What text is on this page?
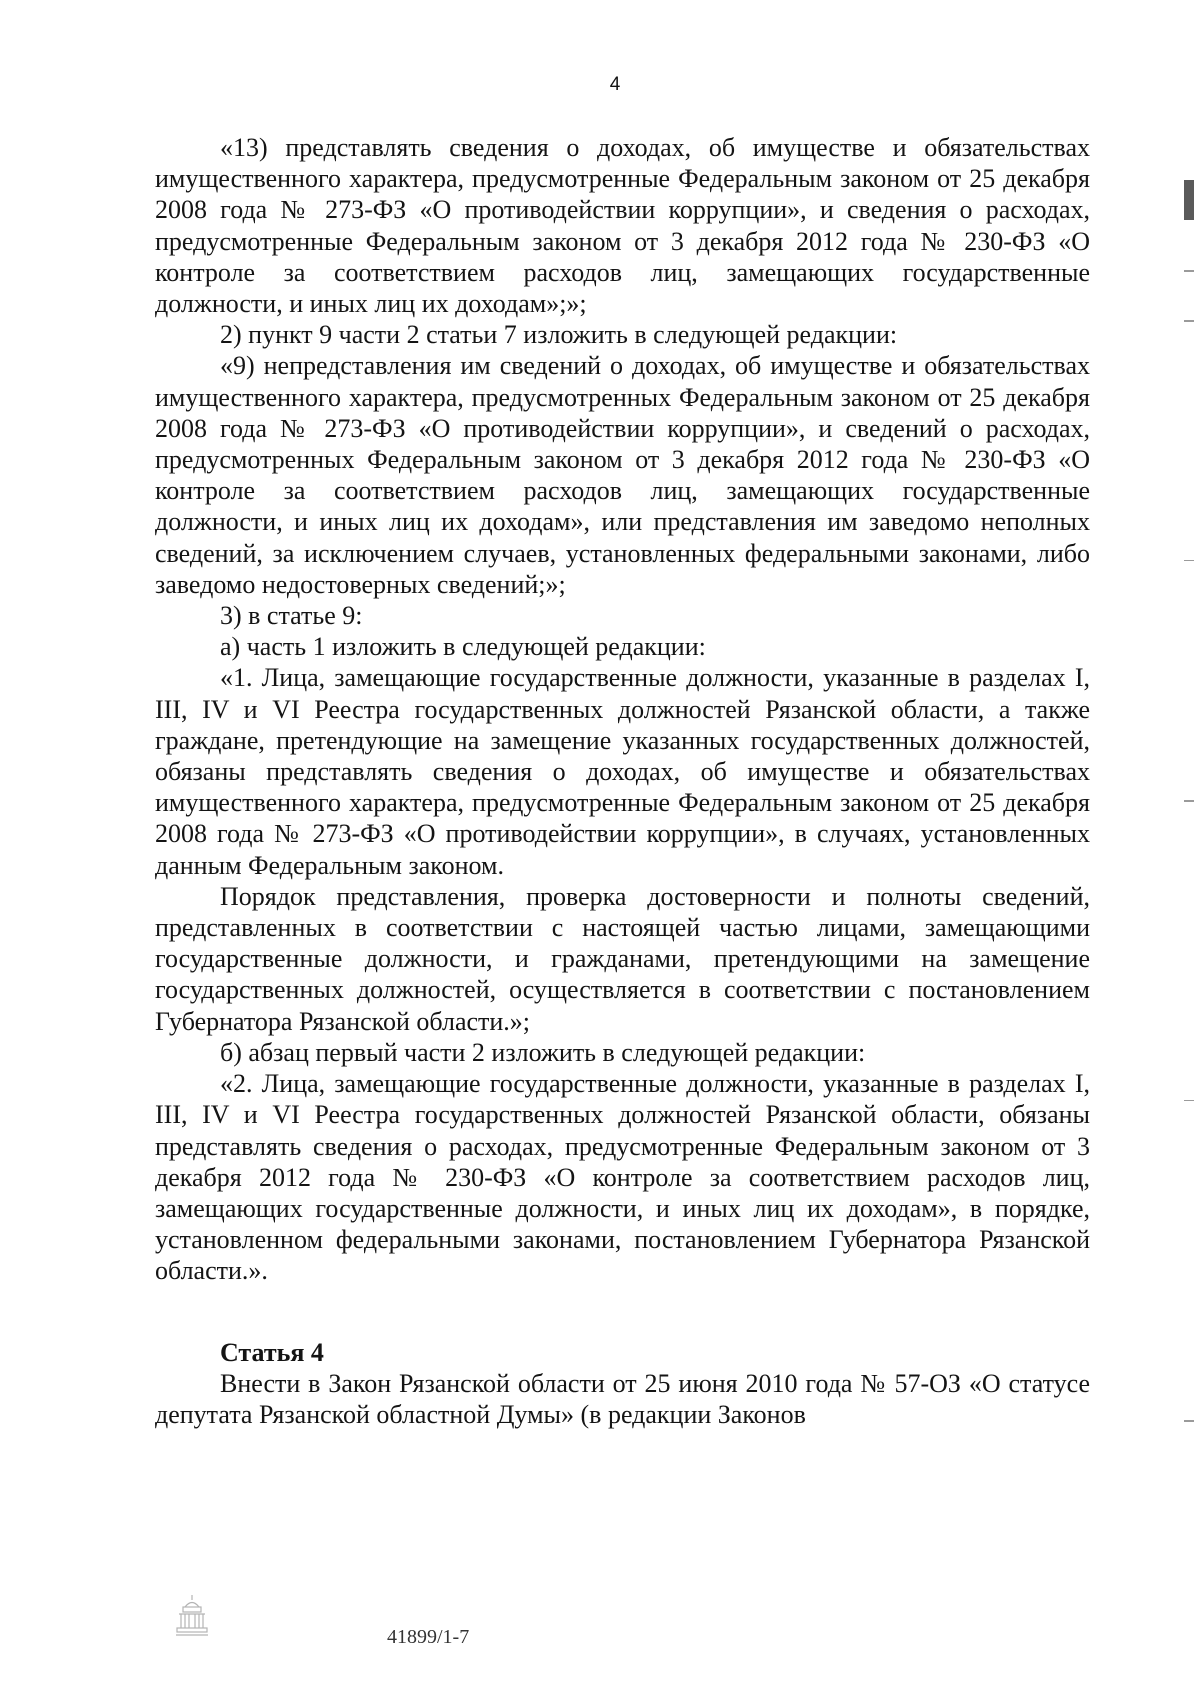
4

«13) представлять сведения о доходах, об имуществе и обязательствах имущественного характера, предусмотренные Федеральным законом от 25 декабря 2008 года № 273-ФЗ «О противодействии коррупции», и сведения о расходах, предусмотренные Федеральным законом от 3 декабря 2012 года № 230-ФЗ «О контроле за соответствием расходов лиц, замещающих государственные должности, и иных лиц их доходам»;»;

2) пункт 9 части 2 статьи 7 изложить в следующей редакции:

«9) непредставления им сведений о доходах, об имуществе и обязательствах имущественного характера, предусмотренных Федеральным законом от 25 декабря 2008 года № 273-ФЗ «О противодействии коррупции», и сведений о расходах, предусмотренных Федеральным законом от 3 декабря 2012 года № 230-ФЗ «О контроле за соответствием расходов лиц, замещающих государственные должности, и иных лиц их доходам», или представления им заведомо неполных сведений, за исключением случаев, установленных федеральными законами, либо заведомо недостоверных сведений;»;

3) в статье 9:

а) часть 1 изложить в следующей редакции:

«1. Лица, замещающие государственные должности, указанные в разделах I, III, IV и VI Реестра государственных должностей Рязанской области, а также граждане, претендующие на замещение указанных государственных должностей, обязаны представлять сведения о доходах, об имуществе и обязательствах имущественного характера, предусмотренные Федеральным законом от 25 декабря 2008 года № 273-ФЗ «О противодействии коррупции», в случаях, установленных данным Федеральным законом.

Порядок представления, проверка достоверности и полноты сведений, представленных в соответствии с настоящей частью лицами, замещающими государственные должности, и гражданами, претендующими на замещение государственных должностей, осуществляется в соответствии с постановлением Губернатора Рязанской области.»;

б) абзац первый части 2 изложить в следующей редакции:

«2. Лица, замещающие государственные должности, указанные в разделах I, III, IV и VI Реестра государственных должностей Рязанской области, обязаны представлять сведения о расходах, предусмотренные Федеральным законом от 3 декабря 2012 года № 230-ФЗ «О контроле за соответствием расходов лиц, замещающих государственные должности, и иных лиц их доходам», в порядке, установленном федеральными законами, постановлением Губернатора Рязанской области.».

Статья 4

Внести в Закон Рязанской области от 25 июня 2010 года № 57-ОЗ «О статусе депутата Рязанской областной Думы» (в редакции Законов

41899/1-7
